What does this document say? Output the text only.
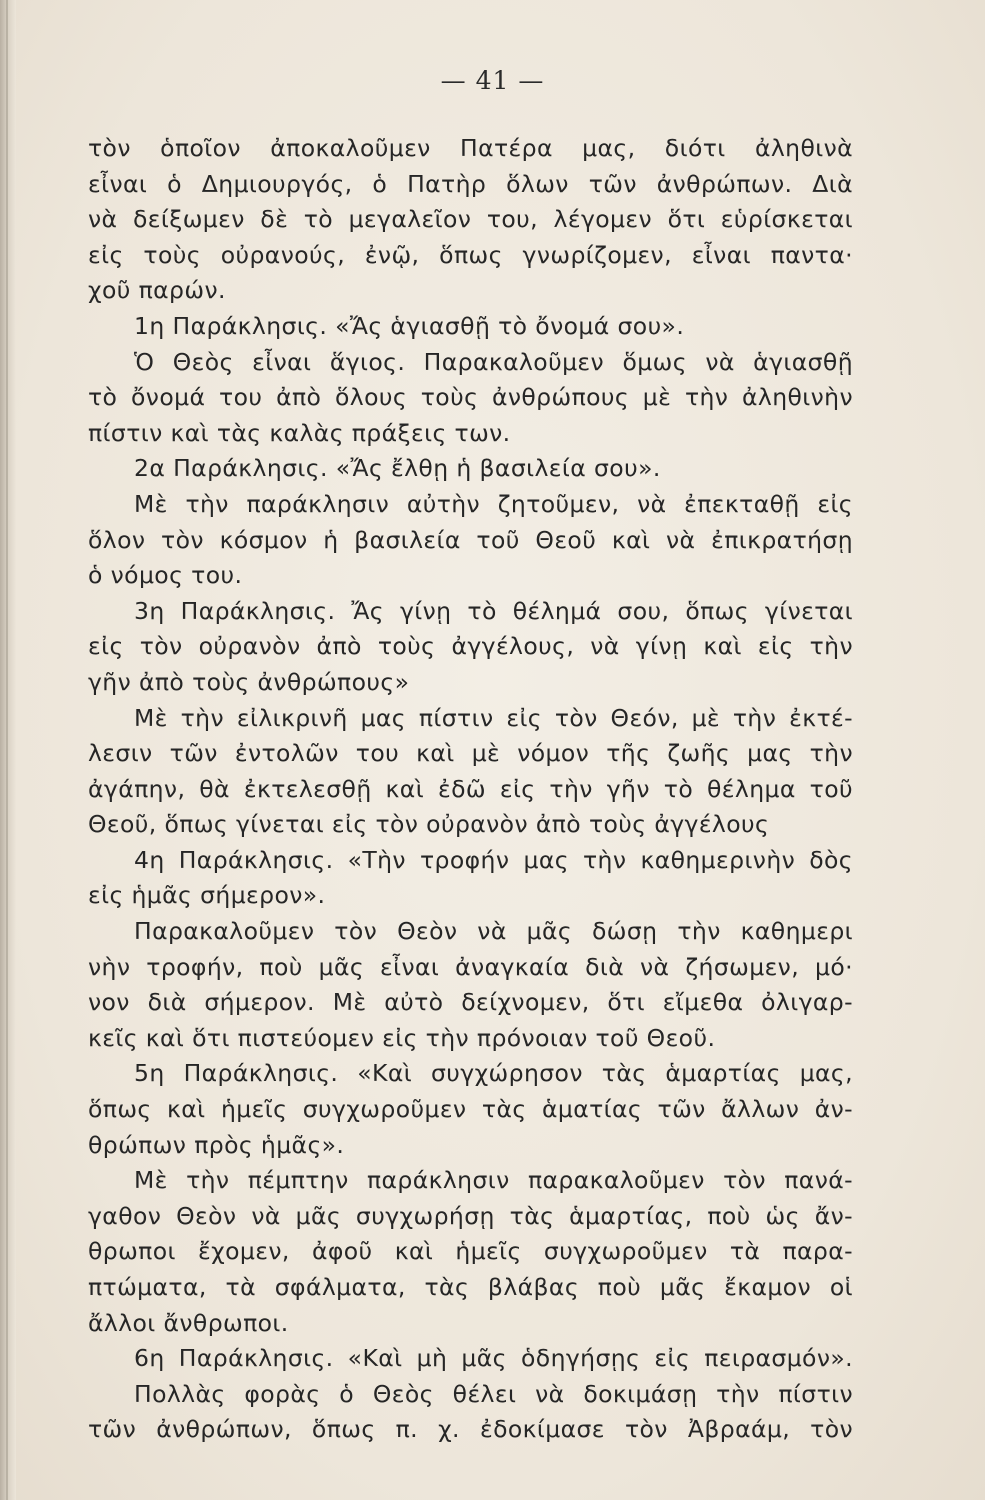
— 41 —
τὸν ὁποῖον ἀποκαλοῦμεν Πατέρα μας, διότι ἀληθινὰ
εἶναι ὁ Δημιουργός, ὁ Πατὴρ ὅλων τῶν ἀνθρώπων. Διὰ
νὰ δείξωμεν δὲ τὸ μεγαλεῖον του, λέγομεν ὅτι εὑρίσκεται
εἰς τοὺς οὐρανούς, ἐνῷ, ὅπως γνωρίζομεν, εἶναι παντα·
χοῦ παρών.
1η Παράκλησις. «Ἄς ἁγιασθῇ τὸ ὄνομά σου».
Ὁ Θεὸς εἶναι ἅγιος. Παρακαλοῦμεν ὅμως νὰ ἁγιασθῇ
τὸ ὄνομά του ἀπὸ ὅλους τοὺς ἀνθρώπους μὲ τὴν ἀληθινὴν
πίστιν καὶ τὰς καλὰς πράξεις των.
2α Παράκλησις. «Ἄς ἔλθῃ ἡ βασιλεία σου».
Μὲ τὴν παράκλησιν αὐτὴν ζητοῦμεν, νὰ ἐπεκταθῇ εἰς
ὅλον τὸν κόσμον ἡ βασιλεία τοῦ Θεοῦ καὶ νὰ ἐπικρατήσῃ
ὁ νόμος του.
3η Παράκλησις. Ἄς γίνῃ τὸ θέλημά σου, ὅπως γίνεται
εἰς τὸν οὐρανὸν ἀπὸ τοὺς ἀγγέλους, νὰ γίνῃ καὶ εἰς τὴν
γῆν ἀπὸ τοὺς ἀνθρώπους»
Μὲ τὴν εἰλικρινῆ μας πίστιν εἰς τὸν Θεόν, μὲ τὴν ἐκτέ-
λεσιν τῶν ἐντολῶν του καὶ μὲ νόμον τῆς ζωῆς μας τὴν
ἀγάπην, θὰ ἐκτελεσθῇ καὶ ἐδῶ εἰς τὴν γῆν τὸ θέλημα τοῦ
Θεοῦ, ὅπως γίνεται εἰς τὸν οὐρανὸν ἀπὸ τοὺς ἀγγέλους
4η Παράκλησις. «Τὴν τροφήν μας τὴν καθημερινὴν δὸς
εἰς ἡμᾶς σήμερον».
Παρακαλοῦμεν τὸν Θεὸν νὰ μᾶς δώσῃ τὴν καθημερι
νὴν τροφήν, ποὺ μᾶς εἶναι ἀναγκαία διὰ νὰ ζήσωμεν, μό·
νον διὰ σήμερον. Μὲ αὐτὸ δείχνομεν, ὅτι εἴμεθα ὀλιγαρ-
κεῖς καὶ ὅτι πιστεύομεν εἰς τὴν πρόνοιαν τοῦ Θεοῦ.
5η Παράκλησις. «Καὶ συγχώρησον τὰς ἁμαρτίας μας,
ὅπως καὶ ἡμεῖς συγχωροῦμεν τὰς ἁματίας τῶν ἄλλων ἀν-
θρώπων πρὸς ἡμᾶς».
Μὲ τὴν πέμπτην παράκλησιν παρακαλοῦμεν τὸν πανά-
γαθον Θεὸν νὰ μᾶς συγχωρήσῃ τὰς ἁμαρτίας, ποὺ ὡς ἄν-
θρωποι ἔχομεν, ἀφοῦ καὶ ἡμεῖς συγχωροῦμεν τὰ παρα-
πτώματα, τὰ σφάλματα, τὰς βλάβας ποὺ μᾶς ἔκαμον οἱ
ἄλλοι ἄνθρωποι.
6η Παράκλησις. «Καὶ μὴ μᾶς ὁδηγήσῃς εἰς πειρασμόν».
Πολλὰς φορὰς ὁ Θεὸς θέλει νὰ δοκιμάσῃ τὴν πίστιν
τῶν ἀνθρώπων, ὅπως π. χ. ἐδοκίμασε τὸν Ἀβραάμ, τὸν
